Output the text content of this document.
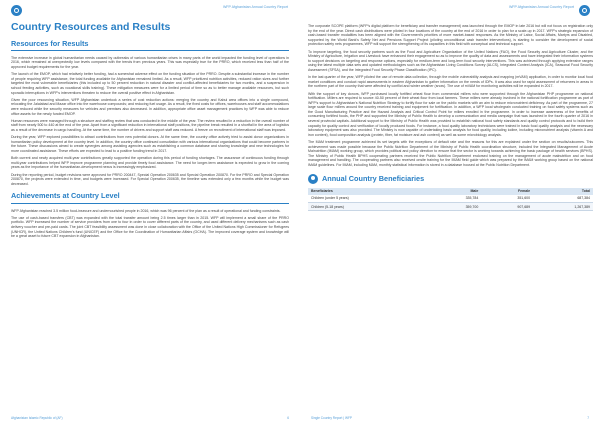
WFP Afghanistan Annual Country Report
Country Resources and Results
Resources for Results

The extensive increase in global humanitarian needs caused by outbreaks of various humanitarian crises in many parts of the world impacted the funding level of operations in 2016, which remained at unexpectedly low levels compared with the trends from previous years. This was especially true for the PRRO, which received less than half of the approved budget requirements for the year.

The launch of the EMOP, which had relatively better funding, had a somewhat adverse effect on the funding situation of the PRRO. Despite a substantial increase in the number of people requiring WFP assistance, the total funding available for Afghanistan remained limited. As a result, WFP prioritized nutrition activities, reduced ration sizes and further targeted the most vulnerable beneficiaries (this included up to 50 percent reduction in natural disaster and conflict-affected beneficiaries for two months, and a suspension in school feeding activities, such as vocational skills training). These mitigation measures were for a limited period of time so as to better manage available resources, but such sporadic interruptions in WFP's interventions threaten to reduce the overall positive effect in Afghanistan.

Given the poor resourcing situation, WFP Afghanistan undertook a series of cost reduction actions: merging the country and Kabul area offices into a single compound, relocating the Jalalabad and Mazar office into the warehouse compounds; and reducing fuel usage. As a result, the fixed costs for offices, warehouses and staff accommodations were reduced while the security measures for vehicles and premises also decreased. In addition, appropriate office asset management practices by WFP was able to reduce office assets for the newly funded EMOP.

Human resources were managed through a structure and staffing review that was conducted in the middle of the year. The review resulted in a reduction in the overall number of staff from nearly 500 to 440 at the end of the year. Apart from a significant reduction in international staff positions, the pipeline break resulted in a shortfall in the area of logistics as a result of the decrease in cargo handling. At the same time, the number of drivers and support staff was reduced. A freeze on recruitment of international staff was imposed.

During the year, WFP explored possibilities to attract contributions from new potential donors. At the same time, the country office actively tried to assist donor organizations in humanitarian policy development at the country level. In addition, the country office continued consultation with various international organizations that could become partners in the future. These discussions aimed to create synergies among assisting agencies such as establishing a common database and sharing knowledge and new technologies for more coordinated assistance. These efforts are expected to lead to a positive funding trend in 2017.

Both current and newly acquired multi-year contributions greatly supported the operation during this period of funding shortages. The assurance of continuous funding through multi-year contributions helped WFP improve programme planning and provide timely food assistance. The need for longer-term assistance is expected to grow in the coming years as the importance of the humanitarian-development nexus is increasingly emphasized.

During the reporting period, budget revisions were approved for PRRO 200447, Special Operation 200635 and Special Operation 200870. For the PRRO and Special Operation 200870, the projects were extended in time, and budgets were increased. For Special Operation 200635, the timeline was extended only a few months while the budget was decreased.

Achievements at Country Level

WFP Afghanistan reached 3.5 million food-insecure and undernourished people in 2016, which was 96 percent of the plan as a result of operational and funding constraints.

The use of cash-based transfers (CBT) was expanded with the total transfer amount being 2.5 times larger than in 2015. WFP will implement a small share of the PRRO portfolio. WFP increased the number of service providers from one to four in order to cover different parts of the country, and used different delivery mechanisms such as cash delivery voucher and pre-paid cards. The joint CBT feasibility assessment was done in close collaboration with the Office of the United Nations High Commissioner for Refugees (UNHCR), the United Nations Children's fund (UNICEF) and the Office for the Coordination of Humanitarian Affairs (OCHA). The improved coverage system and knowledge will be a great asset to future CBT expansion in Afghanistan.

Afghanistan Islamic Republic of (AF)	6
WFP Afghanistan Annual Country Report

The corporate SCOPE platform (WFP's digital platform for beneficiary and transfer management) was launched through the EMOP in late 2016 but will not focus on registration only by the end of the year. Direct cash distributions were piloted in four locations of the country at the end of 2016 in order to plan for a scale-up in 2017. WFP's strategic expansion of cash-based transfer modalities has been aligned with the Government's priorities of more market-based responses. As the Ministry of Labor, Social Affairs, Martyrs and Disabled, supported by the World Bank's Safety Net and Pensions Support Project (piloting unconditional cash transfer interventions), is starting to consider the development of social protection safety nets programmes, WFP will support the strengthening of its capacities in this field with conceptual and technical support.

To improve targeting, the food security partners such as the Food and Agriculture Organization of the United Nations (FAO), the Food Security and Agriculture Cluster, and the Ministry of Agriculture, Irrigation and Livestock have enhanced their engagement so as to improve the quality of data and assessments and have integrated their information systems to support decisions on targeting and response options, especially for medium-term and long-term food security interventions. This was achieved through applying extensive ranges using the latest multiple data sets and updated methodologies such as the Afghanistan Living Conditions Survey (ALCS), Integrated Context Analysis (ICA), Seasonal Food Security Assessment (SFSA), and the Integrated Food Security Phase Classification (IPC).

In the last quarter of the year, WFP piloted the use of remote data collection, through the mobile vulnerability analysis and mapping (mVAM) application, in order to monitor local food market conditions and conduct rapid assessments in eastern Afghanistan to gather information on the needs of IDPs. It was also used for rapid assessment of returnees in areas in the northern part of the country that were affected by conflict and winter weather (snow). The use of mVAM for monitoring activities will be expanded in 2017.

With the support of key donors, WFP purchased locally fortified wheat flour from commercial millers who were supported through the Afghanistan PHP programme on national fortification. Millers are required to source 40-50 percent of their wheat flour from local farmers. These millers were already involved in the national fortification programme as part of WFP's support to Afghanistan's National Nutrition Strategy to fortify flour for sale on the public markets with an aim to reduce micronutrient deficiency. As part of the programme, 27 large scale flour millers around the country received training and equipment for fortification. In addition, a WFP local wholegrain conducted training on food safety systems such as the Good Manufacturing Practice and the Hazard Analysis and Critical Control Point for millers enrolled in the programme. In order to increase awareness of the benefits of consuming fortified foods, the PHP and supported the Ministry of Public Health to develop a communication and media campaign that was launched in the fourth quarter of 2016 in several provincial capitals. Additional support to the Ministry of Public Health was provided to establish national food safety standards and quality control protocols and to build their capacity for quality control and verification of locally produced foods. For instance, a food quality laboratory technicians were trained in basic food quality analysis and the necessary laboratory equipment was also provided. The Ministry is now capable of undertaking basic analysis for food quality, including iodine, including micronutrient analysis (vitamin A and iron content), food composition analysis (protein, fiber, fat moisture and ash content) as well as some microbiology analysis.

The MAM treatment programme achieved its set targets with the exceptions of default rate and the reasons for this are explained under the section on results/outcomes. This achievement was made possible because the Public Nutrition Department of the Ministry of Public Health coordination structure, included the Integrated Management of Acute Malnutrition (IMAM) working group, which provides political and policy direction to ensure that the sector is working towards achieving the basic package of health services (BPHS). The Ministry of Public Health BPHS cooperating partners received the Public Nutrition Department endorsed training on the management of acute malnutrition and on food management and handling. The cooperating partners also received onsite training for the IMAM field guide which was prepared by the IMAM working group based on the national IMAM guidelines. For IMAM, including MAM, monthly statistical information is stored in a database housed at the Public Nutrition Department.

Annual Country Beneficiaries
Beneficiaries	Male	Female	Total
Children (under 5 years)	335,784	351,600	687,384
Children (5-18 years)	359,700	907,689	1,267,389
Single Country Report | WFP	7
